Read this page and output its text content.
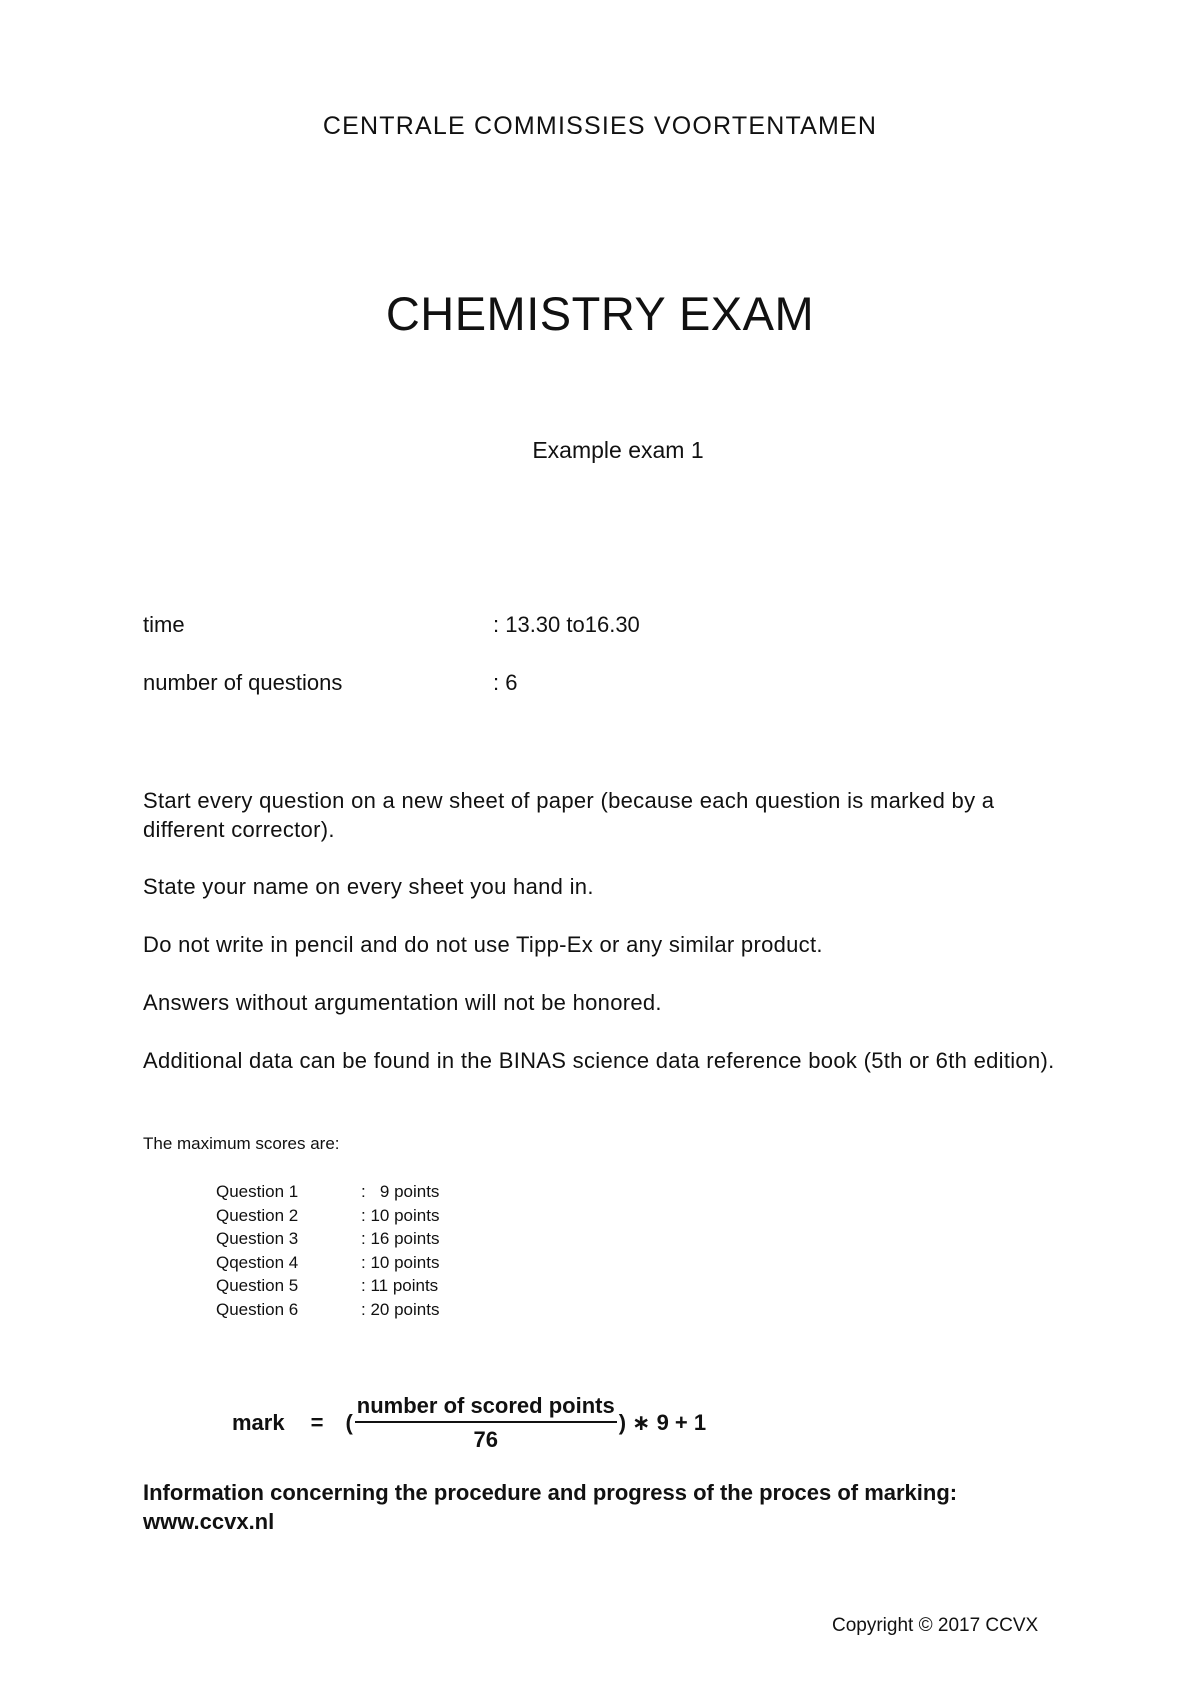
CENTRALE COMMISSIES VOORTENTAMEN
CHEMISTRY EXAM
Example exam 1
time	: 13.30 to16.30
number of questions	: 6
Start every question on a new sheet of paper (because each question is marked by a different corrector).
State your name on every sheet you hand in.
Do not write in pencil and do not use Tipp-Ex or any similar product.
Answers without argumentation will not be honored.
Additional data can be found in the BINAS science data reference book (5th or 6th edition).
The maximum scores are:
Question 1	:   9 points
Question 2	: 10 points
Question 3	: 16 points
Qqestion 4	: 10 points
Question 5	: 11 points
Question 6	: 20 points
mark = ( $\frac{\text{number of scored points}}{76}$ ) ∗ 9 + 1
Information concerning the procedure and progress of the proces of marking:
www.ccvx.nl
Copyright © 2017 CCVX
